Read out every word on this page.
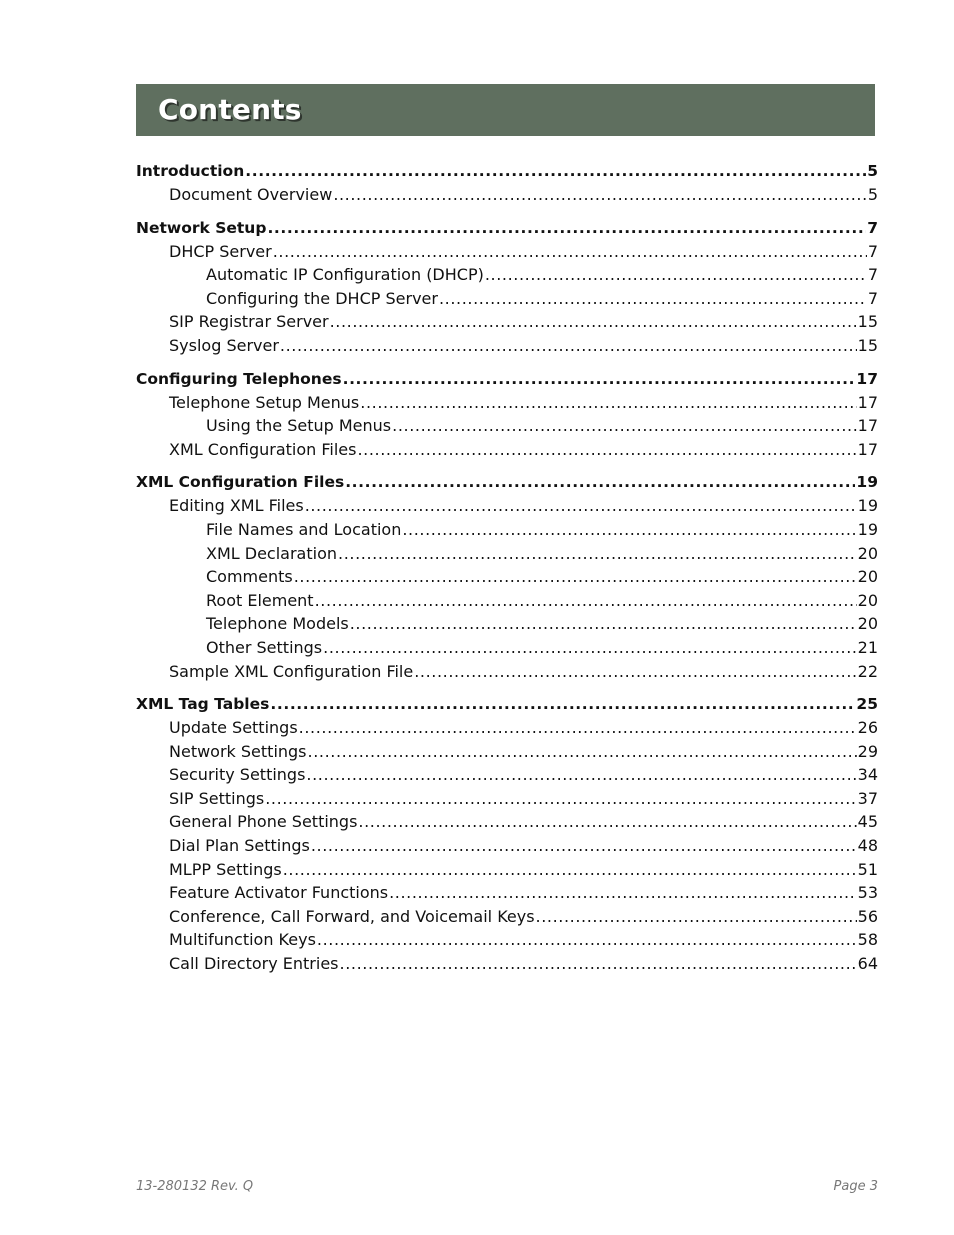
Contents
Introduction .....	5
Document Overview .....	5
Network Setup .....	7
DHCP Server .....	7
Automatic IP Configuration (DHCP) .....	7
Configuring the DHCP Server .....	7
SIP Registrar Server .....	15
Syslog Server .....	15
Configuring Telephones .....	17
Telephone Setup Menus .....	17
Using the Setup Menus .....	17
XML Configuration Files .....	17
XML Configuration Files .....	19
Editing XML Files .....	19
File Names and Location .....	19
XML Declaration .....	20
Comments .....	20
Root Element .....	20
Telephone Models .....	20
Other Settings .....	21
Sample XML Configuration File .....	22
XML Tag Tables .....	25
Update Settings .....	26
Network Settings .....	29
Security Settings .....	34
SIP Settings .....	37
General Phone Settings .....	45
Dial Plan Settings .....	48
MLPP Settings .....	51
Feature Activator Functions .....	53
Conference, Call Forward, and Voicemail Keys .....	56
Multifunction Keys .....	58
Call Directory Entries .....	64
13-280132 Rev. Q	Page 3
